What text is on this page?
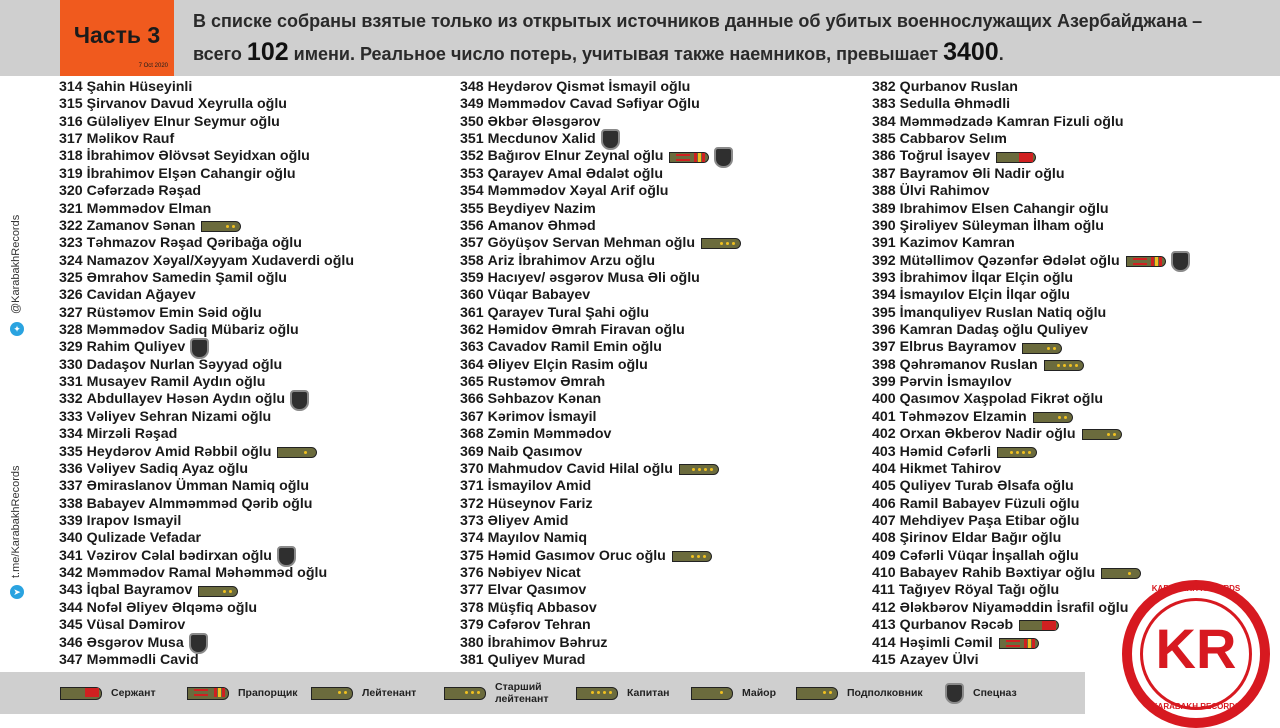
Часть 3
7 Oct 2020
В списке собраны взятые только из открытых источников данные об убитых военнослужащих Азербайджана –
всего 102 имени. Реальное число потерь, учитывая также наемников, превышает 3400.
✦
@KarabakhRecords
➤
t.me/KarabakhRecords
314 Şahin Hüseyinli
315 Şirvanov Davud Xeyrulla oğlu
316 Güləliyev Elnur Seymur oğlu
317 Məlikov Rauf
318 İbrahimov Əlövsət Seyidxan oğlu
319 İbrahimov Elşən Cahangir oğlu
320 Cəfərzadə Rəşad
321 Məmmədov Elman
322 Zamanov Sənan
323 Təhmazov Rəşad Qəribağa oğlu
324 Namazov Xəyal/Xəyyam Xudaverdi oğlu
325 Əmrahov Samedin Şamil oğlu
326 Cavidan Ağayev
327 Rüstəmov Emin Səid oğlu
328 Məmmədov Sadiq Mübariz oğlu
329 Rahim Quliyev
330 Dadaşov Nurlan Səyyad oğlu
331 Musayev Ramil Aydın oğlu
332 Abdullayev Həsən Aydın oğlu
333 Vəliyev Sehran Nizami oğlu
334 Mirzəli Rəşad
335 Heydərov Amid Rəbbil oğlu
336 Vəliyev Sadiq Ayaz oğlu
337 Əmiraslanov Ümman Namiq oğlu
338 Babayev Almməmməd Qərib oğlu
339 Irapov Ismayil
340 Qulizade Vefadar
341 Vəzirov Cəlal bədirxan oğlu
342 Məmmədov Ramal Məhəmməd oğlu
343 İqbal Bayramov
344 Nofəl Əliyev Əlqəmə oğlu
345 Vüsal Dəmirov
346 Əsgərov Musa
347 Məmmədli Cavid
348 Heydərov Qismət İsmayil oğlu
349 Məmmədov Cavad Səfiyar Oğlu
350 Əkbər Ələsgərov
351 Mecdunov Xalid
352 Bağırov Elnur Zeynal oğlu
353 Qarayev Amal Ədalət oğlu
354 Məmmədov Xəyal Arif oğlu
355 Beydiyev Nazim
356 Amanov Əhməd
357 Göyüşov Servan Mehman oğlu
358 Ariz İbrahimov Arzu oğlu
359 Hacıyev/ əsgərov Musa Əli oğlu
360 Vüqar Babayev
361 Qarayev Tural Şahi oğlu
362 Həmidov Əmrah Firavan oğlu
363 Cavadov Ramil Emin oğlu
364 Əliyev Elçin Rasim oğlu
365 Rustəmov Əmrah
366 Səhbazov Kənan
367 Kərimov İsmayil
368 Zəmin Məmmədov
369 Naib Qasımov
370 Mahmudov Cavid Hilal oğlu
371 İsmayilov Amid
372 Hüseynov Fariz
373 Əliyev Amid
374 Mayılov Namiq
375 Həmid Gasımov Oruc oğlu
376 Nəbiyev Nicat
377 Elvar Qasımov
378 Müşfiq Abbasov
379 Cəfərov Tehran
380 İbrahimov Bəhruz
381 Quliyev Murad
382 Qurbanov Ruslan
383 Sedulla Əhmədli
384 Məmmədzadə Kamran Fizuli oğlu
385 Cabbarov Selım
386 Toğrul İsayev
387 Bayramov Əli Nadir oğlu
388 Ülvi Rahimov
389 Ibrahimov Elsen Cahangir oğlu
390 Şirəliyev Süleyman İlham oğlu
391 Kazimov Kamran
392 Mütəllimov Qəzənfər Ədələt oğlu
393 İbrahimov İlqar Elçin oğlu
394 İsmayılov Elçin İlqar oğlu
395 İmanquliyev Ruslan Natiq oğlu
396 Kamran Dadaş oğlu Quliyev
397 Elbrus Bayramov
398 Qəhrəmanov Ruslan
399 Pərvin İsmayılov
400 Qasımov Xaşpolad Fikrət oğlu
401 Təhməzov Elzamin
402 Orxan Əkberov Nadir oğlu
403 Həmid Cəfərli
404 Hikmet Tahirov
405 Quliyev Turab Əlsafa oğlu
406 Ramil Babayev Füzuli oğlu
407 Mehdiyev Paşa Etibar oğlu
408 Şirinov Eldar Bağır oğlu
409 Cəfərli Vüqar İnşallah oğlu
410 Babayev Rahib Bəxtiyar oğlu
411 Tağıyev Röyal Tağı oğlu
412 Ələkbərov Niyaməddin İsrafil oğlu
413 Qurbanov Rəcəb
414 Həşimli Cəmil
415 Azayev Ülvi
Сержант	Прапорщик	Лейтенант	Старший лейтенант	Капитан	Майор	Подполковник	Спецназ
KARABAKH RECORDS
KR
KARABAKH RECORDS
